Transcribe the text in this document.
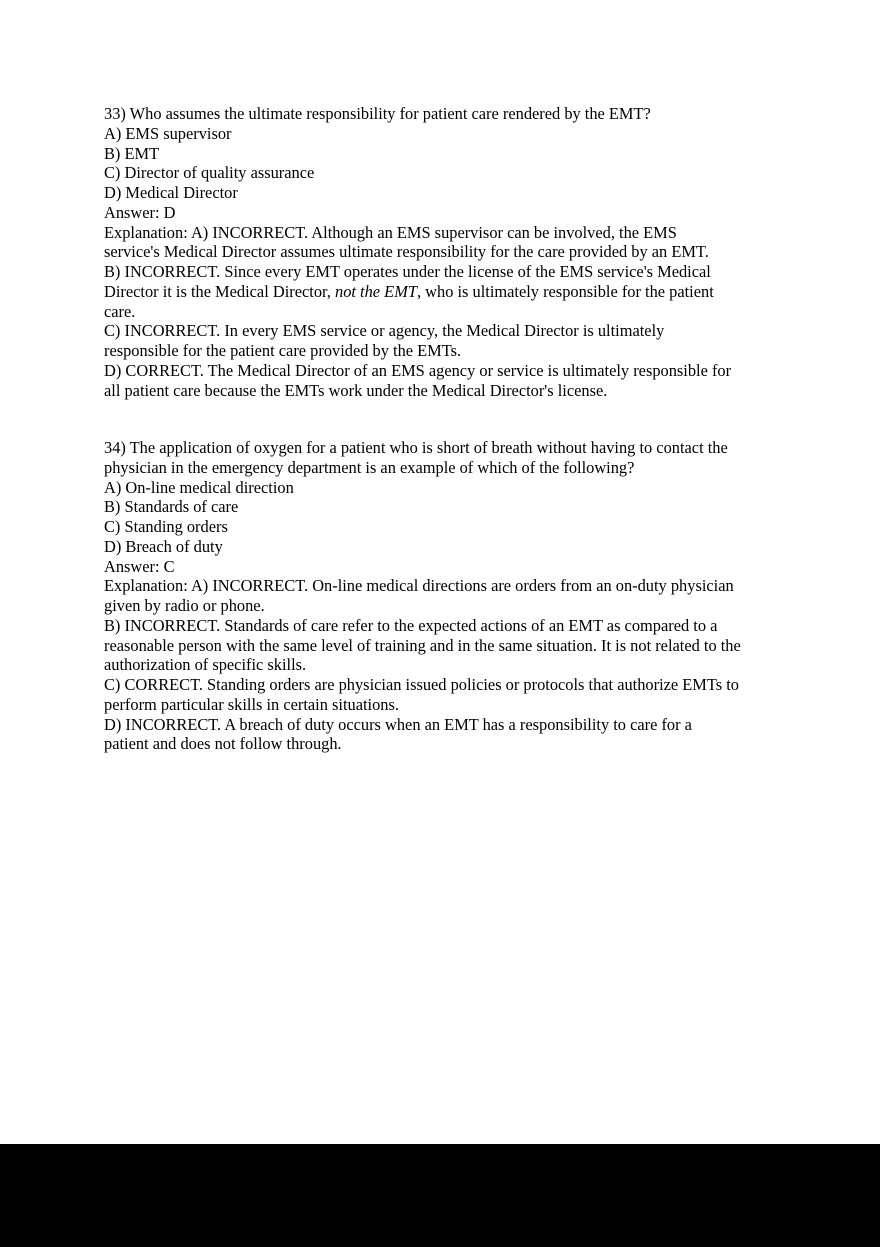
33) Who assumes the ultimate responsibility for patient care rendered by the EMT?
A) EMS supervisor
B) EMT
C) Director of quality assurance
D) Medical Director
Answer: D
Explanation: A) INCORRECT. Although an EMS supervisor can be involved, the EMS
service's Medical Director assumes ultimate responsibility for the care provided by an EMT.
B) INCORRECT. Since every EMT operates under the license of the EMS service's Medical
Director it is the Medical Director, not the EMT, who is ultimately responsible for the patient
care.
C) INCORRECT. In every EMS service or agency, the Medical Director is ultimately
responsible for the patient care provided by the EMTs.
D) CORRECT. The Medical Director of an EMS agency or service is ultimately responsible for
all patient care because the EMTs work under the Medical Director's license.
34) The application of oxygen for a patient who is short of breath without having to contact the
physician in the emergency department is an example of which of the following?
A) On-line medical direction
B) Standards of care
C) Standing orders
D) Breach of duty
Answer: C
Explanation: A) INCORRECT. On-line medical directions are orders from an on-duty physician
given by radio or phone.
B) INCORRECT. Standards of care refer to the expected actions of an EMT as compared to a
reasonable person with the same level of training and in the same situation. It is not related to the
authorization of specific skills.
C) CORRECT. Standing orders are physician issued policies or protocols that authorize EMTs to
perform particular skills in certain situations.
D) INCORRECT. A breach of duty occurs when an EMT has a responsibility to care for a
patient and does not follow through.
